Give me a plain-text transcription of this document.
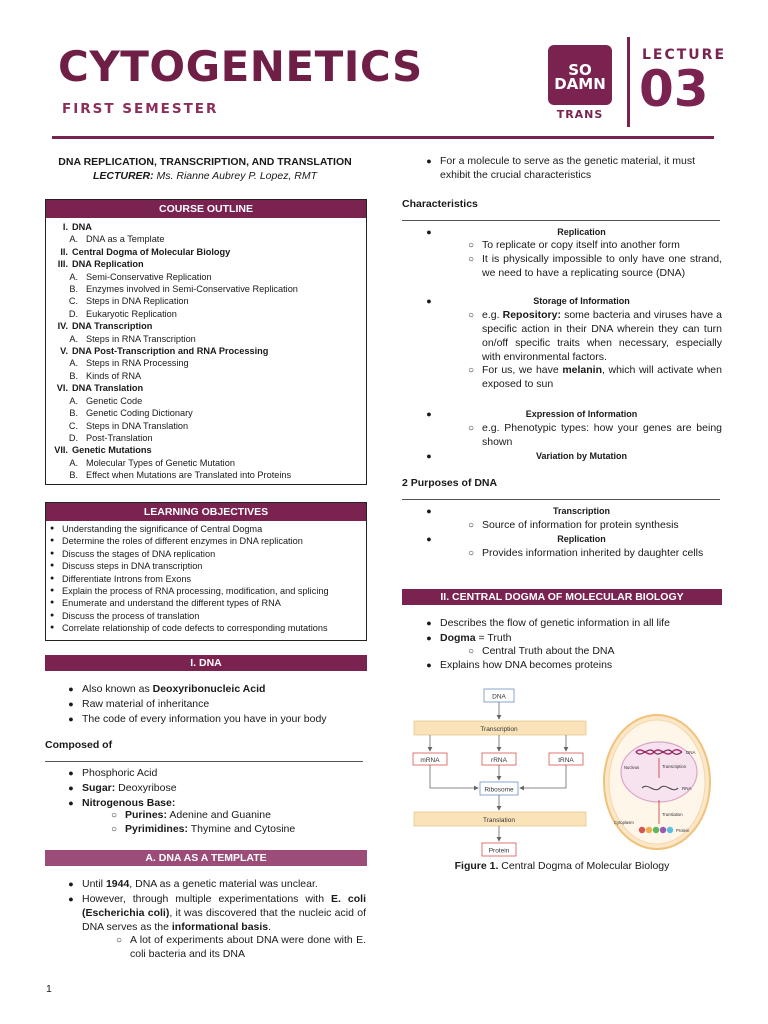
CYTOGENETICS
FIRST SEMESTER
SO
DAMN
TRANS
LECTURE
03
DNA REPLICATION, TRANSCRIPTION, AND TRANSLATION
LECTURER: Ms. Rianne Aubrey P. Lopez, RMT
COURSE OUTLINE
I. DNA
A. DNA as a Template
II. Central Dogma of Molecular Biology
III. DNA Replication
A. Semi-Conservative Replication
B. Enzymes involved in Semi-Conservative Replication
C. Steps in DNA Replication
D. Eukaryotic Replication
IV. DNA Transcription
A. Steps in RNA Transcription
V. DNA Post-Transcription and RNA Processing
A. Steps in RNA Processing
B. Kinds of RNA
VI. DNA Translation
A. Genetic Code
B. Genetic Coding Dictionary
C. Steps in DNA Translation
D. Post-Translation
VII. Genetic Mutations
A. Molecular Types of Genetic Mutation
B. Effect when Mutations are Translated into Proteins
LEARNING OBJECTIVES
● Understanding the significance of Central Dogma
● Determine the roles of different enzymes in DNA replication
● Discuss the stages of DNA replication
● Discuss steps in DNA transcription
● Differentiate Introns from Exons
● Explain the process of RNA processing, modification, and splicing
● Enumerate and understand the different types of RNA
● Discuss the process of translation
● Correlate relationship of code defects to corresponding mutations
I. DNA
● Also known as Deoxyribonucleic Acid
● Raw material of inheritance
● The code of every information you have in your body
Composed of
● Phosphoric Acid
● Sugar: Deoxyribose
● Nitrogenous Base:
○ Purines: Adenine and Guanine
○ Pyrimidines: Thymine and Cytosine
A. DNA AS A TEMPLATE
● Until 1944, DNA as a genetic material was unclear.
● However, through multiple experimentations with E. coli (Escherichia coli), it was discovered that the nucleic acid of DNA serves as the informational basis.
○ A lot of experiments about DNA were done with E. coli bacteria and its DNA
● For a molecule to serve as the genetic material, it must exhibit the crucial characteristics
Characteristics
●	Replication
○ To replicate or copy itself into another form
○ It is physically impossible to only have one strand, we need to have a replicating source (DNA)
●	Storage of Information
○ e.g. Repository: some bacteria and viruses have a specific action in their DNA wherein they can turn on/off specific traits when necessary, especially with environmental factors.
○ For us, we have melanin, which will activate when exposed to sun
●	Expression of Information
○ e.g. Phenotypic types: how your genes are being shown
●	Variation by Mutation
2 Purposes of DNA
●	Transcription
○ Source of information for protein synthesis
●	Replication
○ Provides information inherited by daughter cells
II. CENTRAL DOGMA OF MOLECULAR BIOLOGY
● Describes the flow of genetic information in all life
● Dogma = Truth
○ Central Truth about the DNA
● Explains how DNA becomes proteins
DNA
Transcription
mRNA	rRNA	tRNA
Ribosome
Translation
Protein
DNA
Transcription
Nucleus
RNA
Translation
Cytoplasm
Protein
Figure 1. Central Dogma of Molecular Biology
1
